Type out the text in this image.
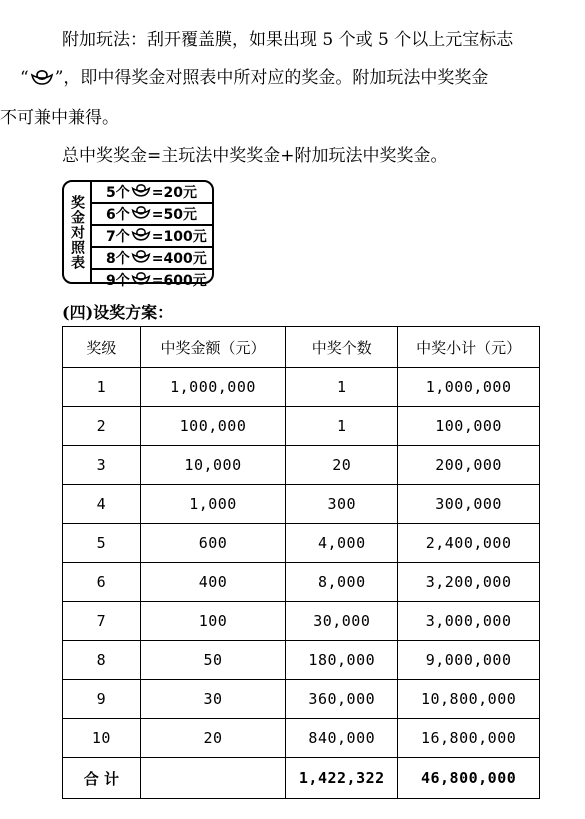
附加玩法：刮开覆盖膜，如果出现 5 个或 5 个以上元宝标志
“ ”，即中得奖金对照表中所对应的奖金。附加玩法中奖奖金
不可兼中兼得。
总中奖奖金=主玩法中奖奖金+附加玩法中奖奖金。
奖金对照表
5个 =20元
6个 =50元
7个 =100元
8个 =400元
9个 =600元
(四)设奖方案：
奖级	中奖金额（元）	中奖个数	中奖小计（元）
1	1,000,000	1	1,000,000
2	100,000	1	100,000
3	10,000	20	200,000
4	1,000	300	300,000
5	600	4,000	2,400,000
6	400	8,000	3,200,000
7	100	30,000	3,000,000
8	50	180,000	9,000,000
9	30	360,000	10,800,000
10	20	840,000	16,800,000
合 计		1,422,322	46,800,000
